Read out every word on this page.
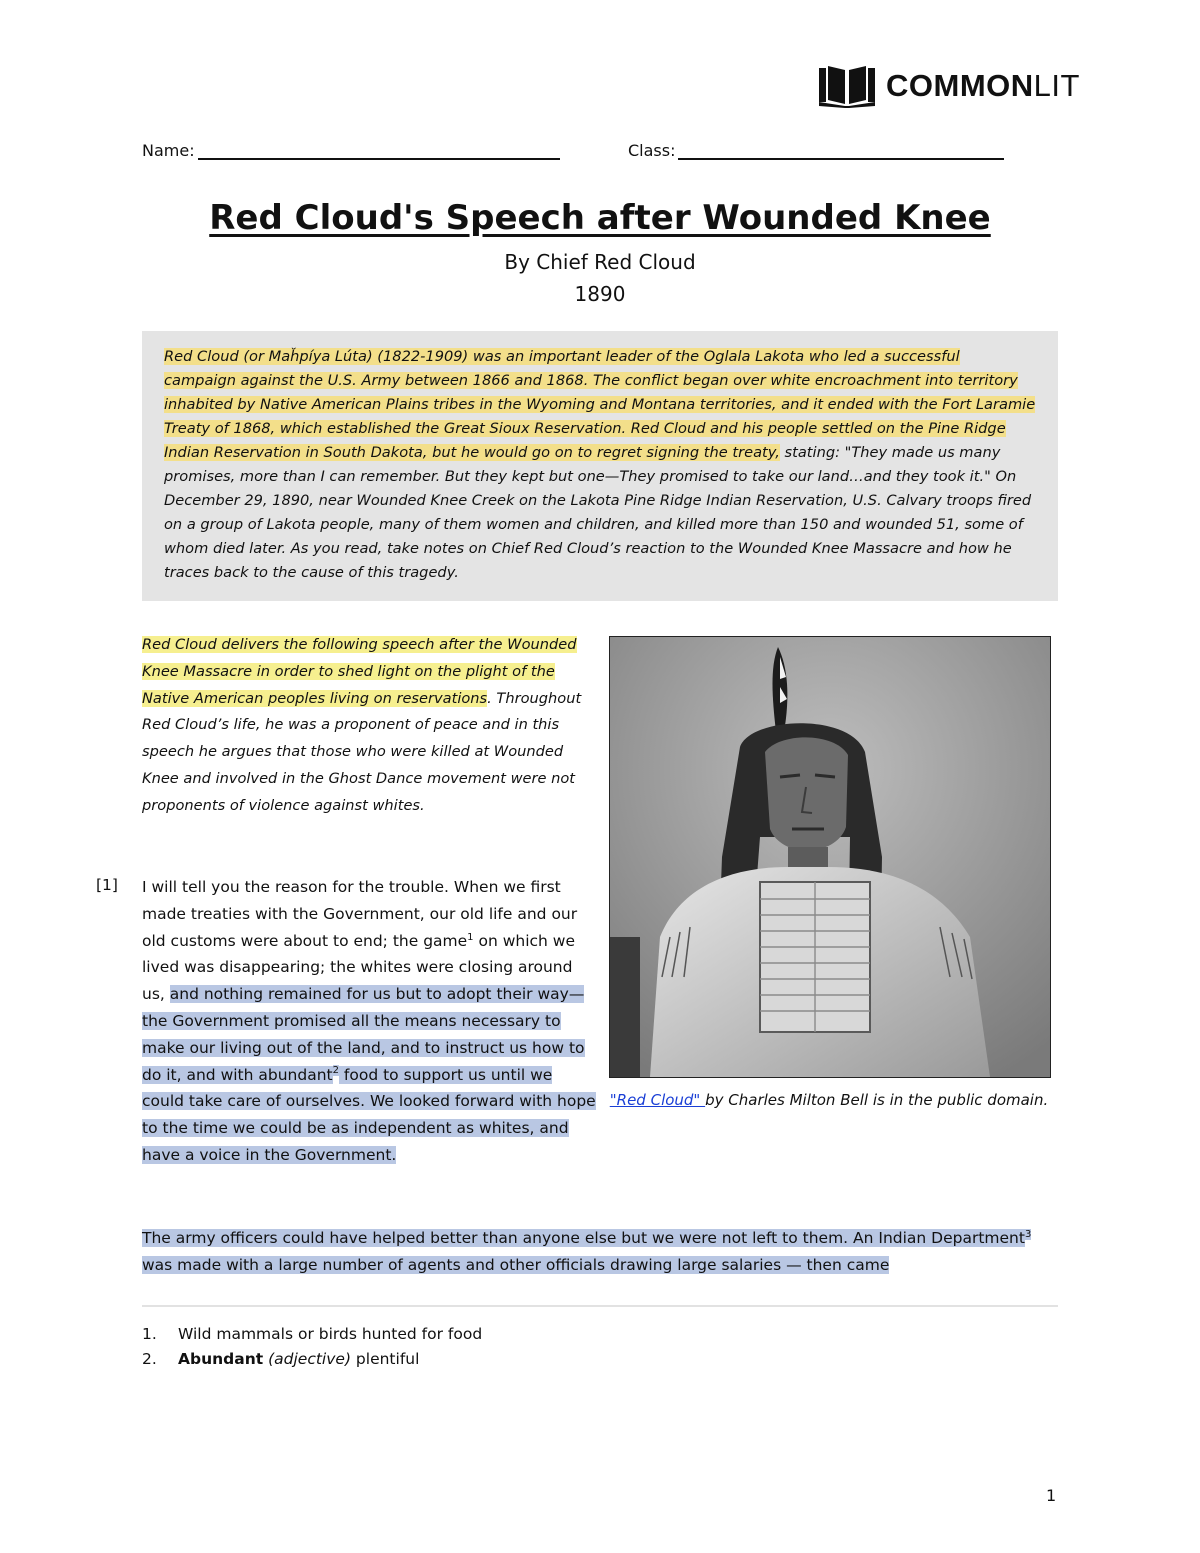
COMMONLIT
Name:	Class:
Red Cloud's Speech after Wounded Knee
By Chief Red Cloud
1890

Red Cloud (or Maȟpíya Lúta) (1822-1909) was an important leader of the Oglala Lakota who led a successful campaign against the U.S. Army between 1866 and 1868. The conflict began over white encroachment into territory inhabited by Native American Plains tribes in the Wyoming and Montana territories, and it ended with the Fort Laramie Treaty of 1868, which established the Great Sioux Reservation. Red Cloud and his people settled on the Pine Ridge Indian Reservation in South Dakota, but he would go on to regret signing the treaty, stating: "They made us many promises, more than I can remember. But they kept but one—They promised to take our land…and they took it." On December 29, 1890, near Wounded Knee Creek on the Lakota Pine Ridge Indian Reservation, U.S. Calvary troops fired on a group of Lakota people, many of them women and children, and killed more than 150 and wounded 51, some of whom died later. As you read, take notes on Chief Red Cloud’s reaction to the Wounded Knee Massacre and how he traces back to the cause of this tragedy.

Red Cloud delivers the following speech after the Wounded Knee Massacre in order to shed light on the plight of the Native American peoples living on reservations. Throughout Red Cloud’s life, he was a proponent of peace and in this speech he argues that those who were killed at Wounded Knee and involved in the Ghost Dance movement were not proponents of violence against whites.

[1] I will tell you the reason for the trouble. When we first made treaties with the Government, our old life and our old customs were about to end; the game$^1$ on which we lived was disappearing; the whites were closing around us, and nothing remained for us but to adopt their way—the Government promised all the means necessary to make our living out of the land, and to instruct us how to do it, and with abundant$^2$ food to support us until we could take care of ourselves. We looked forward with hope to the time we could be as independent as whites, and have a voice in the Government.

The army officers could have helped better than anyone else but we were not left to them. An Indian Department$^3$ was made with a large number of agents and other officials drawing large salaries — then came

"Red Cloud" by Charles Milton Bell is in the public domain.
1.	Wild mammals or birds hunted for food
2.	Abundant (adjective) plentiful
1
